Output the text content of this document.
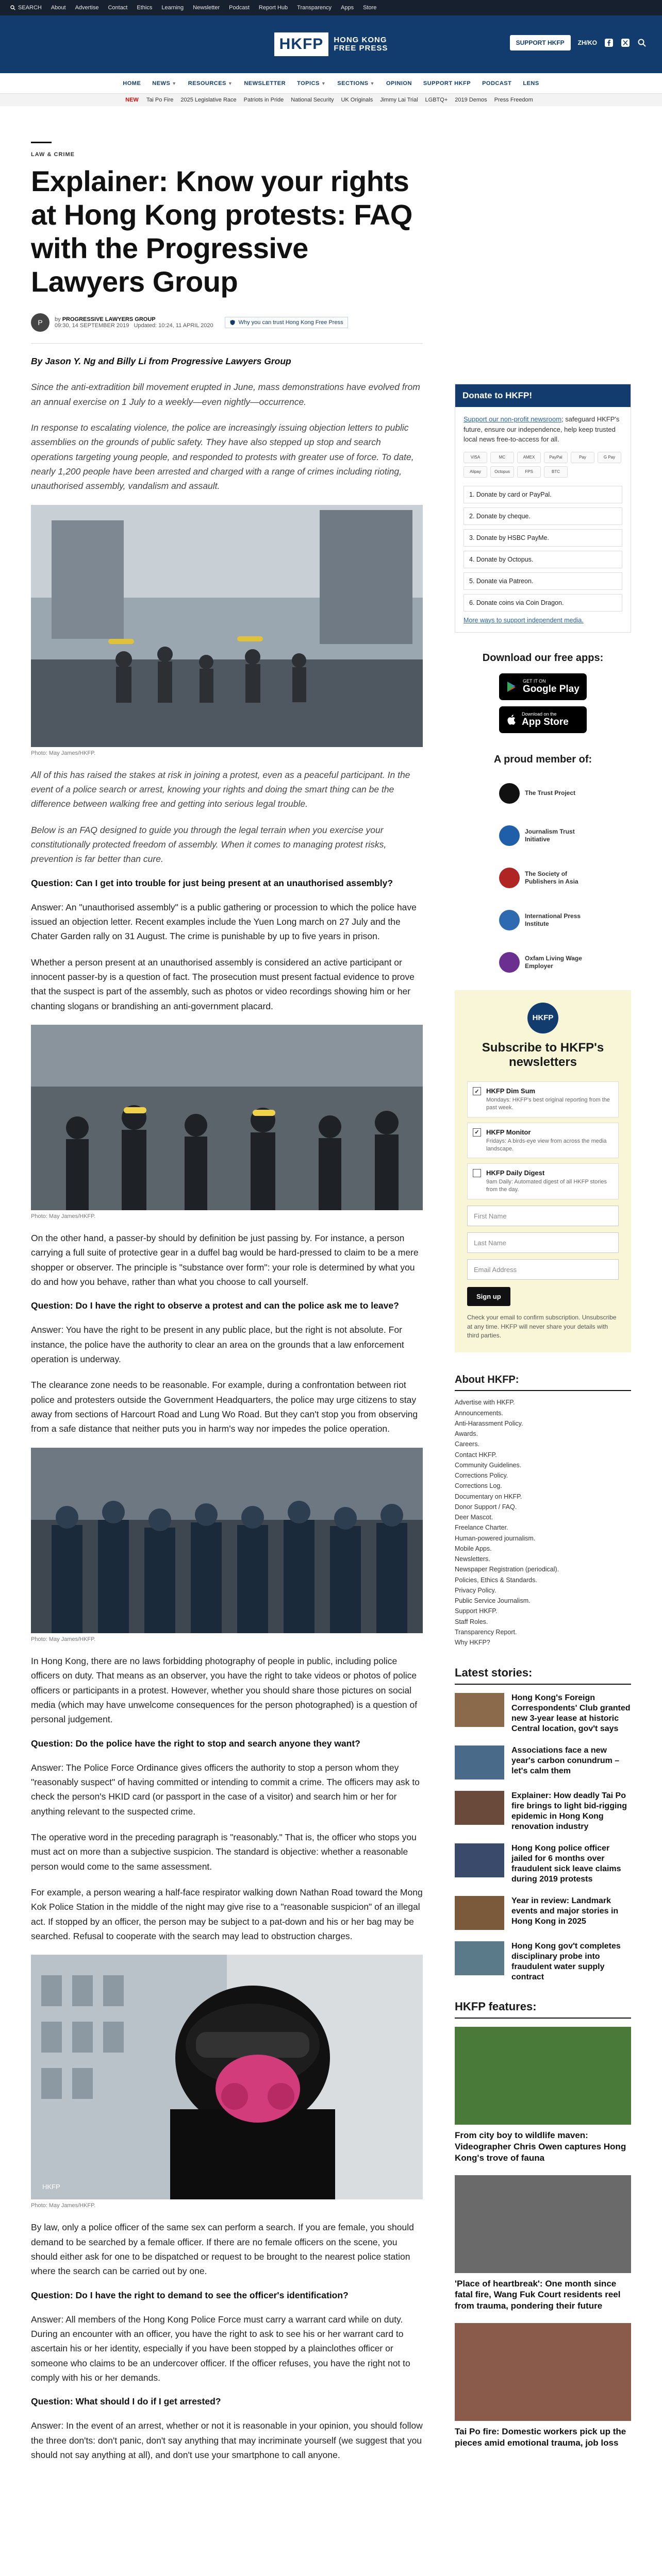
SEARCH About Advertise Contact Ethics Learning Newsletter Podcast Report Hub Transparency Apps Store
HKFP	HONG KONG
FREE PRESS
SUPPORT HKFP	ZH/KO
HOME NEWS ▼ RESOURCES ▼ NEWSLETTER TOPICS ▼ SECTIONS ▼ OPINION SUPPORT HKFP PODCAST LENS
NEW Tai Po Fire 2025 Legislative Race Patriots in Pride National Security UK Originals Jimmy Lai Trial LGBTQ+ 2019 Demos Press Freedom
LAW & CRIME
Explainer: Know your rights at Hong Kong protests: FAQ with the Progressive Lawyers Group
P	by PROGRESSIVE LAWYERS GROUP
09:30, 14 SEPTEMBER 2019 Updated: 10:24, 11 APRIL 2020	Why you can trust Hong Kong Free Press

By Jason Y. Ng and Billy Li from Progressive Lawyers Group

Since the anti-extradition bill movement erupted in June, mass demonstrations have evolved from an annual exercise on 1 July to a weekly—even nightly—occurrence.

In response to escalating violence, the police are increasingly issuing objection letters to public assemblies on the grounds of public safety. They have also stepped up stop and search operations targeting young people, and responded to protests with greater use of force. To date, nearly 1,200 people have been arrested and charged with a range of crimes including rioting, unauthorised assembly, vandalism and assault.

Photo: May James/HKFP.

All of this has raised the stakes at risk in joining a protest, even as a peaceful participant. In the event of a police search or arrest, knowing your rights and doing the smart thing can be the difference between walking free and getting into serious legal trouble.

Below is an FAQ designed to guide you through the legal terrain when you exercise your constitutionally protected freedom of assembly. When it comes to managing protest risks, prevention is far better than cure.

Question: Can I get into trouble for just being present at an unauthorised assembly?

Answer: An "unauthorised assembly" is a public gathering or procession to which the police have issued an objection letter. Recent examples include the Yuen Long march on 27 July and the Chater Garden rally on 31 August. The crime is punishable by up to five years in prison.

Whether a person present at an unauthorised assembly is considered an active participant or innocent passer-by is a question of fact. The prosecution must present factual evidence to prove that the suspect is part of the assembly, such as photos or video recordings showing him or her chanting slogans or brandishing an anti-government placard.

Photo: May James/HKFP.

On the other hand, a passer-by should by definition be just passing by. For instance, a person carrying a full suite of protective gear in a duffel bag would be hard-pressed to claim to be a mere shopper or observer. The principle is "substance over form": your role is determined by what you do and how you behave, rather than what you choose to call yourself.

Question: Do I have the right to observe a protest and can the police ask me to leave?

Answer: You have the right to be present in any public place, but the right is not absolute. For instance, the police have the authority to clear an area on the grounds that a law enforcement operation is underway.

The clearance zone needs to be reasonable. For example, during a confrontation between riot police and protesters outside the Government Headquarters, the police may urge citizens to stay away from sections of Harcourt Road and Lung Wo Road. But they can't stop you from observing from a safe distance that neither puts you in harm's way nor impedes the police operation.

Photo: May James/HKFP.

In Hong Kong, there are no laws forbidding photography of people in public, including police officers on duty. That means as an observer, you have the right to take videos or photos of police officers or participants in a protest. However, whether you should share those pictures on social media (which may have unwelcome consequences for the person photographed) is a question of personal judgement.

Question: Do the police have the right to stop and search anyone they want?

Answer: The Police Force Ordinance gives officers the authority to stop a person whom they "reasonably suspect" of having committed or intending to commit a crime. The officers may ask to check the person's HKID card (or passport in the case of a visitor) and search him or her for anything relevant to the suspected crime.

The operative word in the preceding paragraph is "reasonably." That is, the officer who stops you must act on more than a subjective suspicion. The standard is objective: whether a reasonable person would come to the same assessment.

For example, a person wearing a half-face respirator walking down Nathan Road toward the Mong Kok Police Station in the middle of the night may give rise to a "reasonable suspicion" of an illegal act. If stopped by an officer, the person may be subject to a pat-down and his or her bag may be searched. Refusal to cooperate with the search may lead to obstruction charges.

HKFP
Photo: May James/HKFP.

By law, only a police officer of the same sex can perform a search. If you are female, you should demand to be searched by a female officer. If there are no female officers on the scene, you should either ask for one to be dispatched or request to be brought to the nearest police station where the search can be carried out by one.

Question: Do I have the right to demand to see the officer's identification?

Answer: All members of the Hong Kong Police Force must carry a warrant card while on duty. During an encounter with an officer, you have the right to ask to see his or her warrant card to ascertain his or her identity, especially if you have been stopped by a plainclothes officer or someone who claims to be an undercover officer. If the officer refuses, you have the right not to comply with his or her demands.

Question: What should I do if I get arrested?

Answer: In the event of an arrest, whether or not it is reasonable in your opinion, you should follow the three don'ts: don't panic, don't say anything that may incriminate yourself (we suggest that you should not say anything at all), and don't use your smartphone to call anyone.

Donate to HKFP!

Support our non-profit newsroom; safeguard HKFP's future, ensure our independence, help keep trusted local news free-to-access for all.

VISA	MC	AMEX	PayPal	Pay	G Pay
Alipay	Octopus	FPS	BTC
1. Donate by card or PayPal.
2. Donate by cheque.
3. Donate by HSBC PayMe.
4. Donate by Octopus.
5. Donate via Patreon.
6. Donate coins via Coin Dragon.
More ways to support independent media.
Download our free apps:
GET IT ON
Google Play
Download on the
App Store
A proud member of:
The Trust Project
Journalism Trust Initiative
The Society of Publishers in Asia
International Press Institute
Oxfam Living Wage Employer
HKFP
Subscribe to HKFP's newsletters
✓ HKFP Dim Sum
Mondays: HKFP's best original reporting from the past week.
✓ HKFP Monitor
Fridays: A birds-eye view from across the media landscape.
HKFP Daily Digest
9am Daily: Automated digest of all HKFP stories from the day.
First Name
Last Name
Email Address
Sign up
Check your email to confirm subscription. Unsubscribe at any time. HKFP will never share your details with third parties.
About HKFP:
Advertise with HKFP.
Announcements.
Anti-Harassment Policy.
Awards.
Careers.
Contact HKFP.
Community Guidelines.
Corrections Policy.
Corrections Log.
Documentary on HKFP.
Donor Support / FAQ.
Deer Mascot.
Freelance Charter.
Human-powered journalism.
Mobile Apps.
Newsletters.
Newspaper Registration (periodical).
Policies, Ethics & Standards.
Privacy Policy.
Public Service Journalism.
Support HKFP.
Staff Roles.
Transparency Report.
Why HKFP?
Latest stories:
Hong Kong's Foreign Correspondents' Club granted new 3-year lease at historic Central location, gov't says
Associations face a new year's carbon conundrum – let's calm them
Explainer: How deadly Tai Po fire brings to light bid-rigging epidemic in Hong Kong renovation industry
Hong Kong police officer jailed for 6 months over fraudulent sick leave claims during 2019 protests
Year in review: Landmark events and major stories in Hong Kong in 2025
Hong Kong gov't completes disciplinary probe into fraudulent water supply contract
HKFP features:
From city boy to wildlife maven: Videographer Chris Owen captures Hong Kong's trove of fauna
'Place of heartbreak': One month since fatal fire, Wang Fuk Court residents reel from trauma, pondering their future
Tai Po fire: Domestic workers pick up the pieces amid emotional trauma, job loss
